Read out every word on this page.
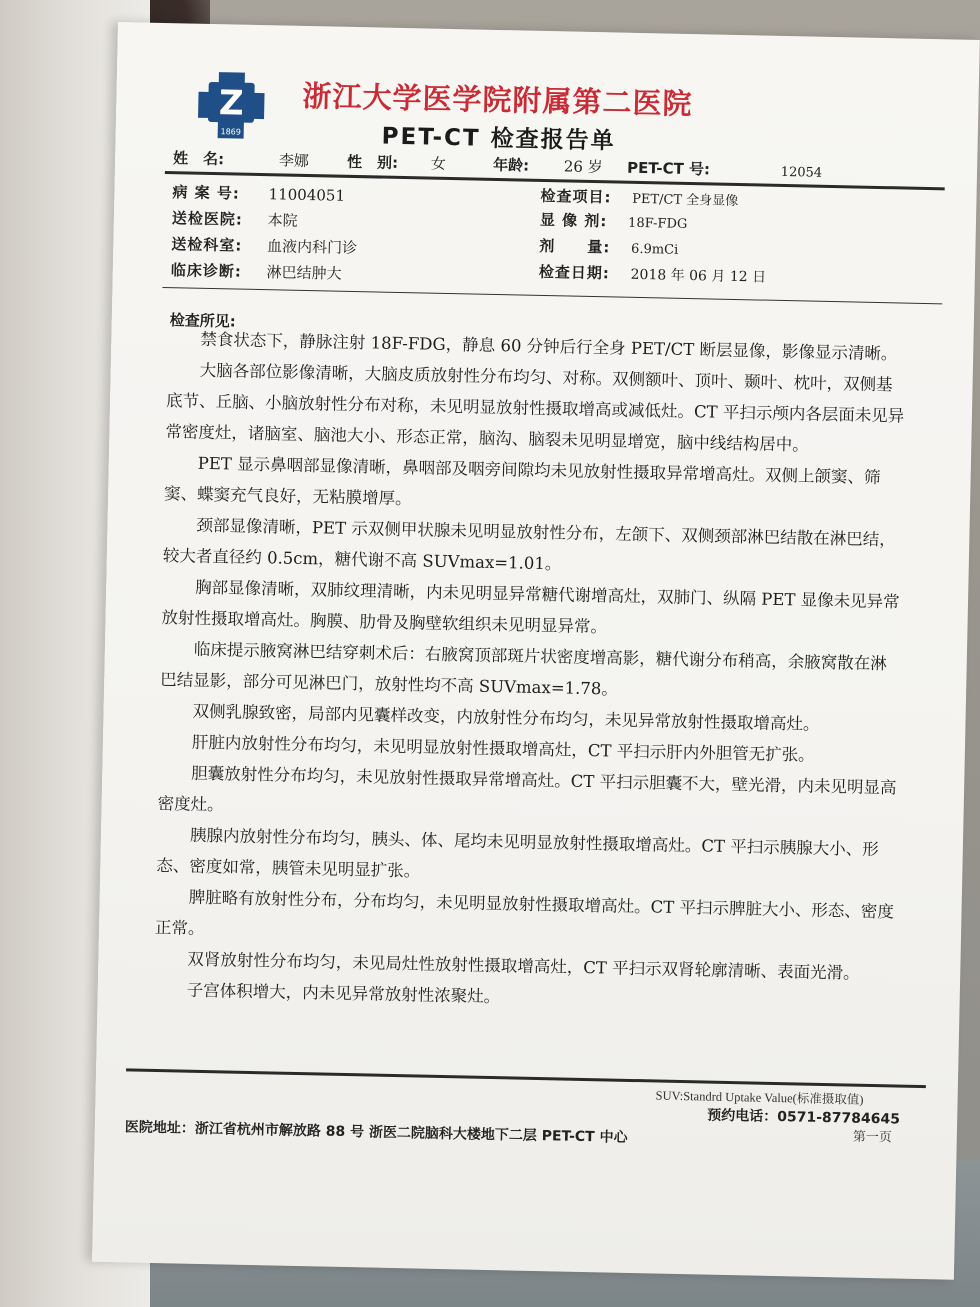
Z
1869
浙江大学医学院附属第二医院
PET-CT 检查报告单
姓　名:	李娜	性　别: 女	年龄: 26 岁 PET-CT 号:	12054
病 案 号: 11004051
送检医院: 本院
送检科室: 血液内科门诊
临床诊断: 淋巴结肿大
检查项目: PET/CT 全身显像
显 像 剂: 18F-FDG
剂　　量: 6.9mCi
检查日期: 2018 年 06 月 12 日
检查所见:

禁食状态下，静脉注射 18F-FDG，静息 60 分钟后行全身 PET/CT 断层显像，影像显示清晰。

大脑各部位影像清晰，大脑皮质放射性分布均匀、对称。双侧额叶、顶叶、颞叶、枕叶，双侧基底节、丘脑、小脑放射性分布对称，未见明显放射性摄取增高或减低灶。CT 平扫示颅内各层面未见异常密度灶，诸脑室、脑池大小、形态正常，脑沟、脑裂未见明显增宽，脑中线结构居中。

PET 显示鼻咽部显像清晰，鼻咽部及咽旁间隙均未见放射性摄取异常增高灶。双侧上颌窦、筛窦、蝶窦充气良好，无粘膜增厚。

颈部显像清晰，PET 示双侧甲状腺未见明显放射性分布，左颌下、双侧颈部淋巴结散在淋巴结，较大者直径约 0.5cm，糖代谢不高 SUVmax=1.01。

胸部显像清晰，双肺纹理清晰，内未见明显异常糖代谢增高灶，双肺门、纵隔 PET 显像未见异常放射性摄取增高灶。胸膜、肋骨及胸壁软组织未见明显异常。

临床提示腋窝淋巴结穿刺术后：右腋窝顶部斑片状密度增高影，糖代谢分布稍高，余腋窝散在淋巴结显影，部分可见淋巴门，放射性均不高 SUVmax=1.78。

双侧乳腺致密，局部内见囊样改变，内放射性分布均匀，未见异常放射性摄取增高灶。

肝脏内放射性分布均匀，未见明显放射性摄取增高灶，CT 平扫示肝内外胆管无扩张。

胆囊放射性分布均匀，未见放射性摄取异常增高灶。CT 平扫示胆囊不大，壁光滑，内未见明显高密度灶。

胰腺内放射性分布均匀，胰头、体、尾均未见明显放射性摄取增高灶。CT 平扫示胰腺大小、形态、密度如常，胰管未见明显扩张。

脾脏略有放射性分布，分布均匀，未见明显放射性摄取增高灶。CT 平扫示脾脏大小、形态、密度正常。

双肾放射性分布均匀，未见局灶性放射性摄取增高灶，CT 平扫示双肾轮廓清晰、表面光滑。

子宫体积增大，内未见异常放射性浓聚灶。

SUV:Standrd Uptake Value(标准摄取值)
预约电话：0571-87784645
医院地址：浙江省杭州市解放路 88 号 浙医二院脑科大楼地下二层 PET-CT 中心	第一页
